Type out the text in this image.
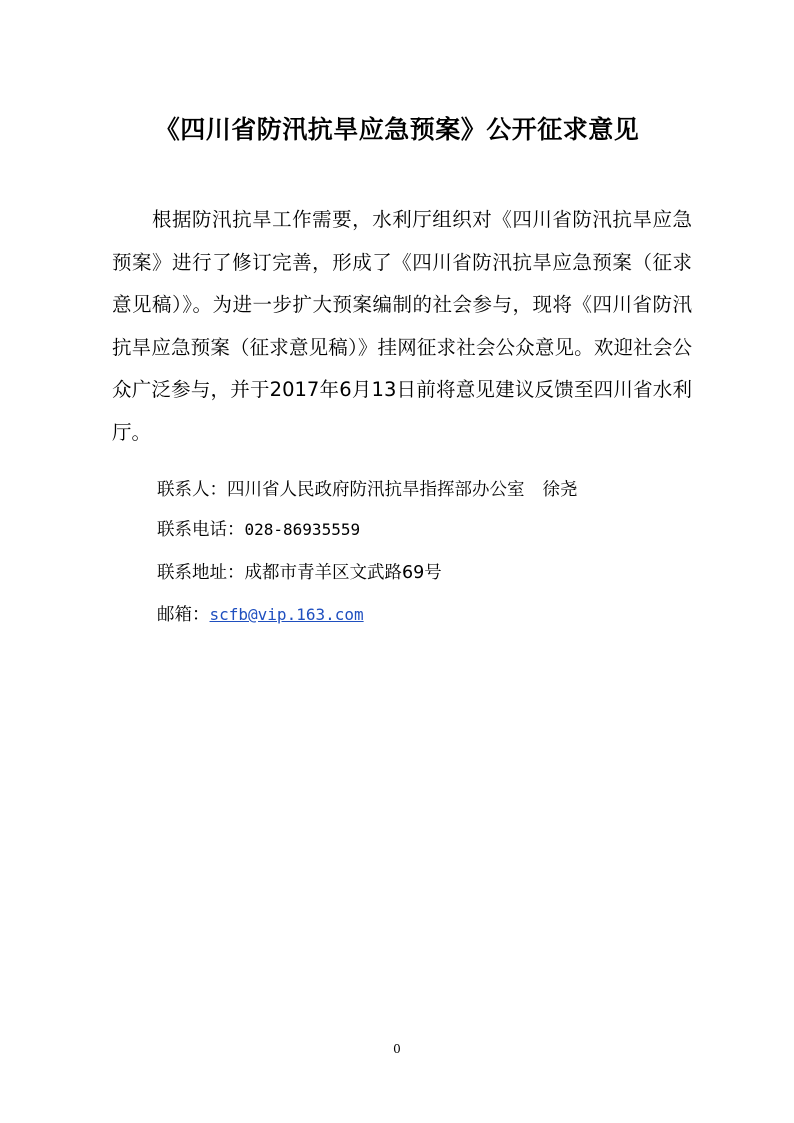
《四川省防汛抗旱应急预案》公开征求意见

根据防汛抗旱工作需要，水利厅组织对《四川省防汛抗旱应急预案》进行了修订完善，形成了《四川省防汛抗旱应急预案（征求意见稿）》。为进一步扩大预案编制的社会参与，现将《四川省防汛抗旱应急预案（征求意见稿）》挂网征求社会公众意见。欢迎社会公众广泛参与，并于2017年6月13日前将意见建议反馈至四川省水利厅。

联系人：四川省人民政府防汛抗旱指挥部办公室 徐尧
联系电话：028-86935559
联系地址：成都市青羊区文武路69号
邮箱：scfb@vip.163.com
0
